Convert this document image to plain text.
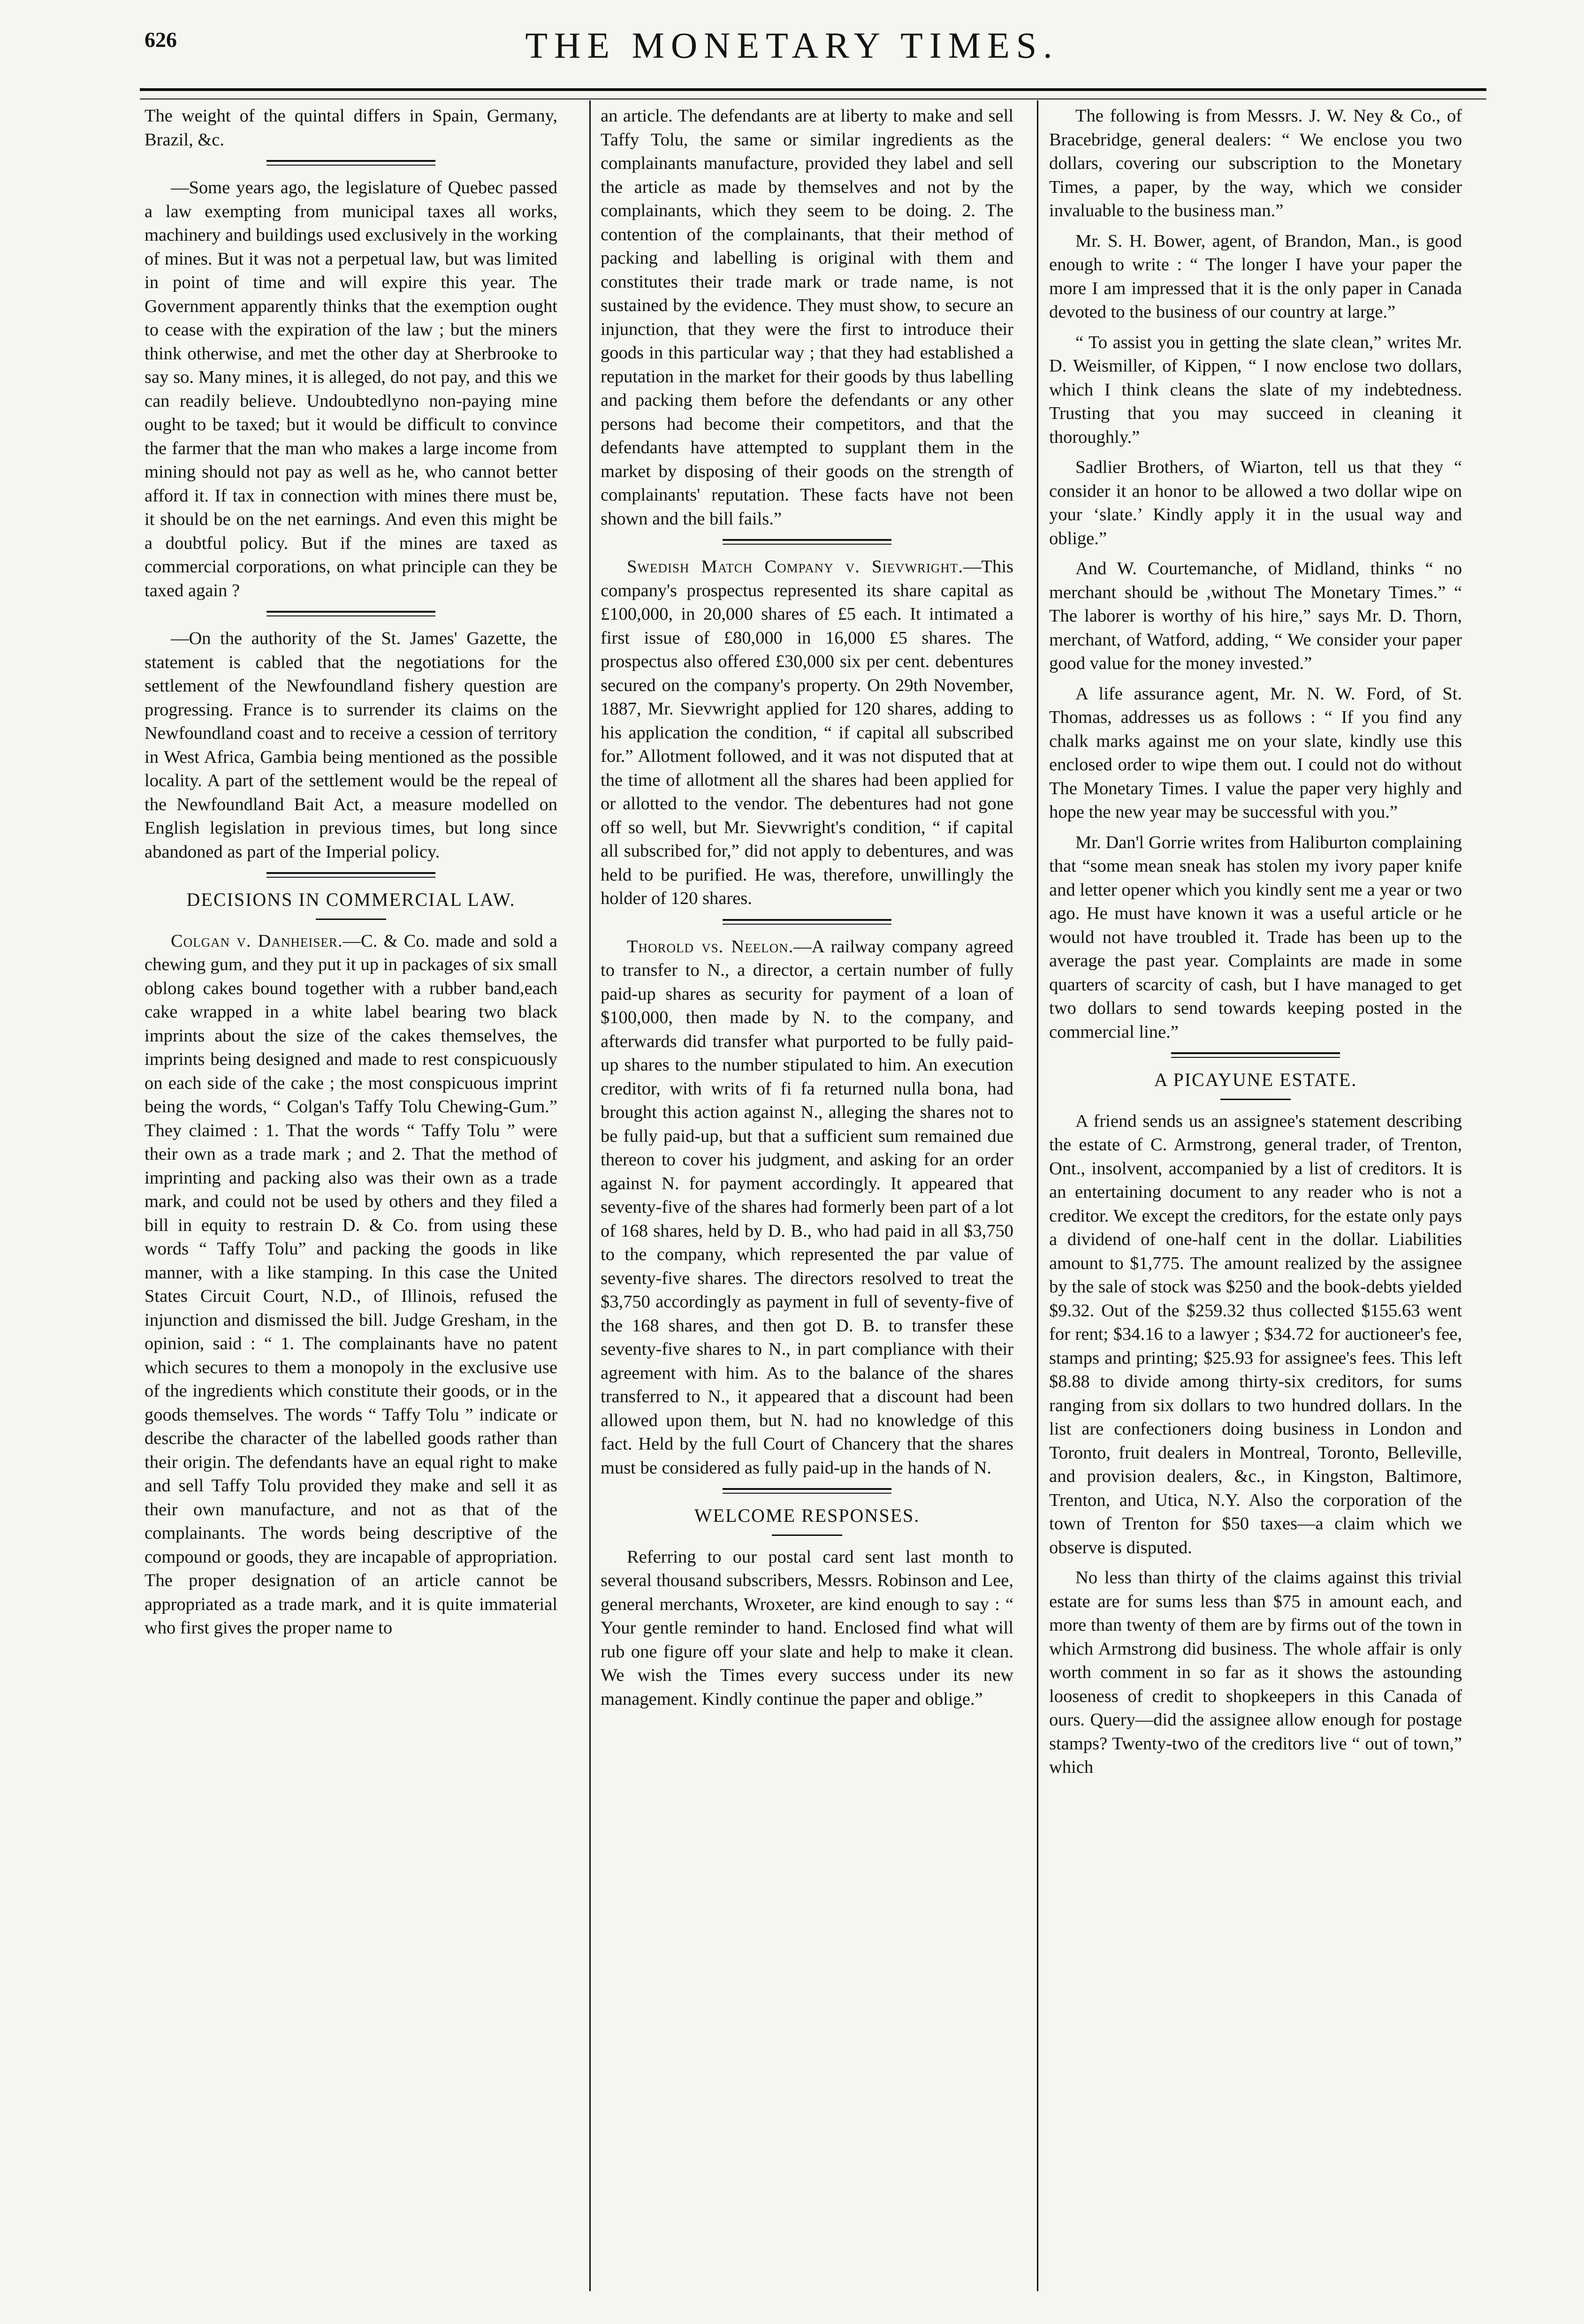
626	THE MONETARY TIMES.

The weight of the quintal differs in Spain, Germany, Brazil, &c.

—Some years ago, the legislature of Quebec passed a law exempting from municipal taxes all works, machinery and buildings used exclusively in the working of mines. But it was not a perpetual law, but was limited in point of time and will expire this year. The Government apparently thinks that the exemption ought to cease with the expiration of the law ; but the miners think otherwise, and met the other day at Sherbrooke to say so. Many mines, it is alleged, do not pay, and this we can readily believe. Undoubtedlyno non-paying mine ought to be taxed; but it would be difficult to convince the farmer that the man who makes a large income from mining should not pay as well as he, who cannot better afford it. If tax in connection with mines there must be, it should be on the net earnings. And even this might be a doubtful policy. But if the mines are taxed as commercial corporations, on what principle can they be taxed again ?

—On the authority of the St. James' Gazette, the statement is cabled that the negotiations for the settlement of the Newfoundland fishery question are progressing. France is to surrender its claims on the Newfoundland coast and to receive a cession of territory in West Africa, Gambia being mentioned as the possible locality. A part of the settlement would be the repeal of the Newfoundland Bait Act, a measure modelled on English legislation in previous times, but long since abandoned as part of the Imperial policy.

DECISIONS IN COMMERCIAL LAW.

Colgan v. Danheiser.—C. & Co. made and sold a chewing gum, and they put it up in packages of six small oblong cakes bound together with a rubber band,each cake wrapped in a white label bearing two black imprints about the size of the cakes themselves, the imprints being designed and made to rest conspicuously on each side of the cake ; the most conspicuous imprint being the words, “ Colgan's Taffy Tolu Chewing-Gum.” They claimed : 1. That the words “ Taffy Tolu ” were their own as a trade mark ; and 2. That the method of imprinting and packing also was their own as a trade mark, and could not be used by others and they filed a bill in equity to restrain D. & Co. from using these words “ Taffy Tolu” and packing the goods in like manner, with a like stamping. In this case the United States Circuit Court, N.D., of Illinois, refused the injunction and dismissed the bill. Judge Gresham, in the opinion, said : “ 1. The complainants have no patent which secures to them a monopoly in the exclusive use of the ingredients which constitute their goods, or in the goods themselves. The words “ Taffy Tolu ” indicate or describe the character of the labelled goods rather than their origin. The defendants have an equal right to make and sell Taffy Tolu provided they make and sell it as their own manufacture, and not as that of the complainants. The words being descriptive of the compound or goods, they are incapable of appropriation. The proper designation of an article cannot be appropriated as a trade mark, and it is quite immaterial who first gives the proper name to

an article. The defendants are at liberty to make and sell Taffy Tolu, the same or similar ingredients as the complainants manufacture, provided they label and sell the article as made by themselves and not by the complainants, which they seem to be doing. 2. The contention of the complainants, that their method of packing and labelling is original with them and constitutes their trade mark or trade name, is not sustained by the evidence. They must show, to secure an injunction, that they were the first to introduce their goods in this particular way ; that they had established a reputation in the market for their goods by thus labelling and packing them before the defendants or any other persons had become their competitors, and that the defendants have attempted to supplant them in the market by disposing of their goods on the strength of complainants' reputation. These facts have not been shown and the bill fails.”

Swedish Match Company v. Sievwright.—This company's prospectus represented its share capital as £100,000, in 20,000 shares of £5 each. It intimated a first issue of £80,000 in 16,000 £5 shares. The prospectus also offered £30,000 six per cent. debentures secured on the company's property. On 29th November, 1887, Mr. Sievwright applied for 120 shares, adding to his application the condition, “ if capital all subscribed for.” Allotment followed, and it was not disputed that at the time of allotment all the shares had been applied for or allotted to the vendor. The debentures had not gone off so well, but Mr. Sievwright's condition, “ if capital all subscribed for,” did not apply to debentures, and was held to be purified. He was, therefore, unwillingly the holder of 120 shares.

Thorold vs. Neelon.—A railway company agreed to transfer to N., a director, a certain number of fully paid-up shares as security for payment of a loan of $100,000, then made by N. to the company, and afterwards did transfer what purported to be fully paid-up shares to the number stipulated to him. An execution creditor, with writs of fi fa returned nulla bona, had brought this action against N., alleging the shares not to be fully paid-up, but that a sufficient sum remained due thereon to cover his judgment, and asking for an order against N. for payment accordingly. It appeared that seventy-five of the shares had formerly been part of a lot of 168 shares, held by D. B., who had paid in all $3,750 to the company, which represented the par value of seventy-five shares. The directors resolved to treat the $3,750 accordingly as payment in full of seventy-five of the 168 shares, and then got D. B. to transfer these seventy-five shares to N., in part compliance with their agreement with him. As to the balance of the shares transferred to N., it appeared that a discount had been allowed upon them, but N. had no knowledge of this fact. Held by the full Court of Chancery that the shares must be considered as fully paid-up in the hands of N.

WELCOME RESPONSES.

Referring to our postal card sent last month to several thousand subscribers, Messrs. Robinson and Lee, general merchants, Wroxeter, are kind enough to say : “ Your gentle reminder to hand. Enclosed find what will rub one figure off your slate and help to make it clean. We wish the Times every success under its new management. Kindly continue the paper and oblige.”

The following is from Messrs. J. W. Ney & Co., of Bracebridge, general dealers: “ We enclose you two dollars, covering our subscription to the Monetary Times, a paper, by the way, which we consider invaluable to the business man.”

Mr. S. H. Bower, agent, of Brandon, Man., is good enough to write : “ The longer I have your paper the more I am impressed that it is the only paper in Canada devoted to the business of our country at large.”

“ To assist you in getting the slate clean,” writes Mr. D. Weismiller, of Kippen, “ I now enclose two dollars, which I think cleans the slate of my indebtedness. Trusting that you may succeed in cleaning it thoroughly.”

Sadlier Brothers, of Wiarton, tell us that they “ consider it an honor to be allowed a two dollar wipe on your ‘slate.’ Kindly apply it in the usual way and oblige.”

And W. Courtemanche, of Midland, thinks “ no merchant should be ,without The Monetary Times.” “ The laborer is worthy of his hire,” says Mr. D. Thorn, merchant, of Watford, adding, “ We consider your paper good value for the money invested.”

A life assurance agent, Mr. N. W. Ford, of St. Thomas, addresses us as follows : “ If you find any chalk marks against me on your slate, kindly use this enclosed order to wipe them out. I could not do without The Monetary Times. I value the paper very highly and hope the new year may be successful with you.”

Mr. Dan'l Gorrie writes from Haliburton complaining that “some mean sneak has stolen my ivory paper knife and letter opener which you kindly sent me a year or two ago. He must have known it was a useful article or he would not have troubled it. Trade has been up to the average the past year. Complaints are made in some quarters of scarcity of cash, but I have managed to get two dollars to send towards keeping posted in the commercial line.”

A PICAYUNE ESTATE.

A friend sends us an assignee's statement describing the estate of C. Armstrong, general trader, of Trenton, Ont., insolvent, accompanied by a list of creditors. It is an entertaining document to any reader who is not a creditor. We except the creditors, for the estate only pays a dividend of one-half cent in the dollar. Liabilities amount to $1,775. The amount realized by the assignee by the sale of stock was $250 and the book-debts yielded $9.32. Out of the $259.32 thus collected $155.63 went for rent; $34.16 to a lawyer ; $34.72 for auctioneer's fee, stamps and printing; $25.93 for assignee's fees. This left $8.88 to divide among thirty-six creditors, for sums ranging from six dollars to two hundred dollars. In the list are confectioners doing business in London and Toronto, fruit dealers in Montreal, Toronto, Belleville, and provision dealers, &c., in Kingston, Baltimore, Trenton, and Utica, N.Y. Also the corporation of the town of Trenton for $50 taxes—a claim which we observe is disputed.

No less than thirty of the claims against this trivial estate are for sums less than $75 in amount each, and more than twenty of them are by firms out of the town in which Armstrong did business. The whole affair is only worth comment in so far as it shows the astounding looseness of credit to shopkeepers in this Canada of ours. Query—did the assignee allow enough for postage stamps? Twenty-two of the creditors live “ out of town,” which
